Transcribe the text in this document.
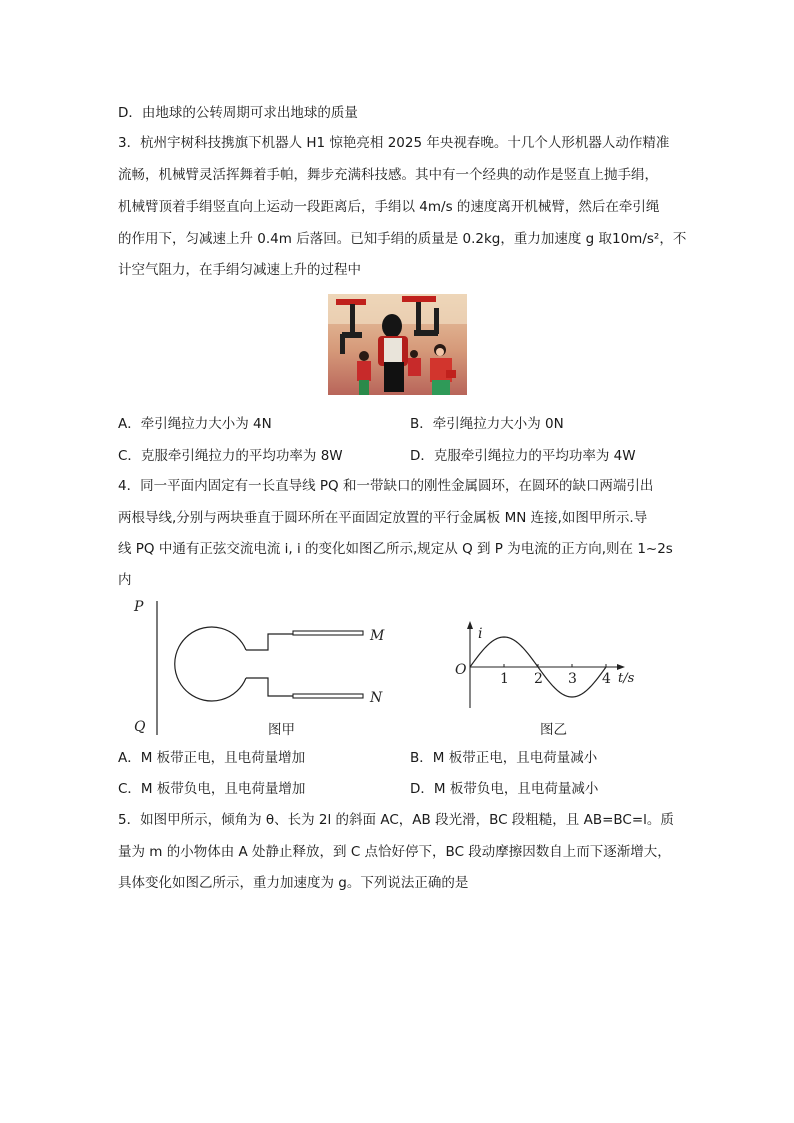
D．由地球的公转周期可求出地球的质量
3．杭州宇树科技携旗下机器人 H1 惊艳亮相 2025 年央视春晚。十几个人形机器人动作精准
流畅，机械臂灵活挥舞着手帕，舞步充满科技感。其中有一个经典的动作是竖直上抛手绢，
机械臂顶着手绢竖直向上运动一段距离后，手绢以 4m/s 的速度离开机械臂，然后在牵引绳
的作用下，匀减速上升 0.4m 后落回。已知手绢的质量是 0.2kg，重力加速度 g 取10m/s²，不
计空气阻力，在手绢匀减速上升的过程中
A．牵引绳拉力大小为 4N	B．牵引绳拉力大小为 0N
C．克服牵引绳拉力的平均功率为 8W	D．克服牵引绳拉力的平均功率为 4W
4．同一平面内固定有一长直导线 PQ 和一带缺口的刚性金属圆环，在圆环的缺口两端引出
两根导线,分别与两块垂直于圆环所在平面固定放置的平行金属板 MN 连接,如图甲所示.导
线 PQ 中通有正弦交流电流 i, i 的变化如图乙所示,规定从 Q 到 P 为电流的正方向,则在 1~2s
内
P
Q
M
N
图甲
i
O
t/s
1 2 3 4
图乙
A．M 板带正电，且电荷量增加	B．M 板带正电，且电荷量减小
C．M 板带负电，且电荷量增加	D．M 板带负电，且电荷量减小
5．如图甲所示，倾角为 θ、长为 2l 的斜面 AC，AB 段光滑，BC 段粗糙，且 AB=BC=l。质
量为 m 的小物体由 A 处静止释放，到 C 点恰好停下，BC 段动摩擦因数自上而下逐渐增大，
具体变化如图乙所示，重力加速度为 g。下列说法正确的是
